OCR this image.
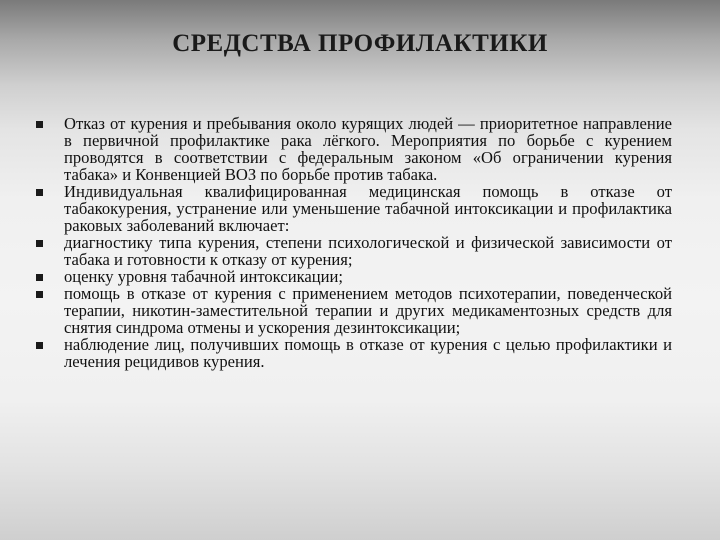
СРЕДСТВА ПРОФИЛАКТИКИ
Отказ от курения и пребывания около курящих людей — приоритетное направление в первичной профилактике рака лёгкого. Мероприятия по борьбе с курением проводятся в соответствии с федеральным законом «Об ограничении курения табака» и Конвенцией ВОЗ по борьбе против табака.
Индивидуальная квалифицированная медицинская помощь в отказе от табакокурения, устранение или уменьшение табачной интоксикации и профилактика раковых заболеваний включает:
диагностику типа курения, степени психологической и физической зависимости от табака и готовности к отказу от курения;
оценку уровня табачной интоксикации;
помощь в отказе от курения с применением методов психотерапии, поведенческой терапии, никотин-заместительной терапии и других медикаментозных средств для снятия синдрома отмены и ускорения дезинтоксикации;
наблюдение лиц, получивших помощь в отказе от курения с целью профилактики и лечения рецидивов курения.
